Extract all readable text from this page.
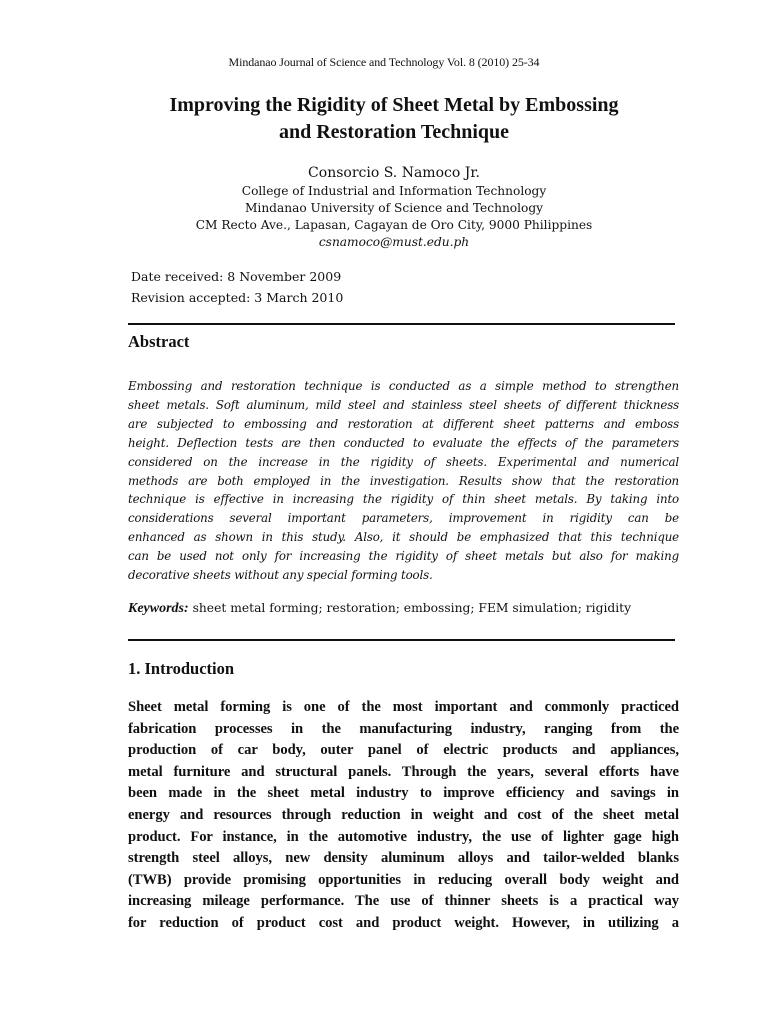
Mindanao Journal of Science and Technology Vol. 8 (2010) 25-34
Improving the Rigidity of Sheet Metal by Embossing
and Restoration Technique
Consorcio S. Namoco Jr.
College of Industrial and Information Technology
Mindanao University of Science and Technology
CM Recto Ave., Lapasan, Cagayan de Oro City, 9000 Philippines
csnamoco@must.edu.ph
Date received: 8 November 2009
Revision accepted: 3 March 2010
Abstract
Embossing and restoration technique is conducted as a simple method to strengthen
sheet metals. Soft aluminum, mild steel and stainless steel sheets of different thickness
are subjected to embossing and restoration at different sheet patterns and emboss
height. Deflection tests are then conducted to evaluate the effects of the parameters
considered on the increase in the rigidity of sheets. Experimental and numerical
methods are both employed in the investigation. Results show that the restoration
technique is effective in increasing the rigidity of thin sheet metals. By taking into
considerations several important parameters, improvement in rigidity can be
enhanced as shown in this study. Also, it should be emphasized that this technique
can be used not only for increasing the rigidity of sheet metals but also for making
decorative sheets without any special forming tools.
Keywords: sheet metal forming; restoration; embossing; FEM simulation; rigidity
1. Introduction
Sheet metal forming is one of the most important and commonly practiced
fabrication processes in the manufacturing industry, ranging from the
production of car body, outer panel of electric products and appliances,
metal furniture and structural panels. Through the years, several efforts have
been made in the sheet metal industry to improve efficiency and savings in
energy and resources through reduction in weight and cost of the sheet metal
product. For instance, in the automotive industry, the use of lighter gage high
strength steel alloys, new density aluminum alloys and tailor-welded blanks
(TWB) provide promising opportunities in reducing overall body weight and
increasing mileage performance. The use of thinner sheets is a practical way
for reduction of product cost and product weight. However, in utilizing a
